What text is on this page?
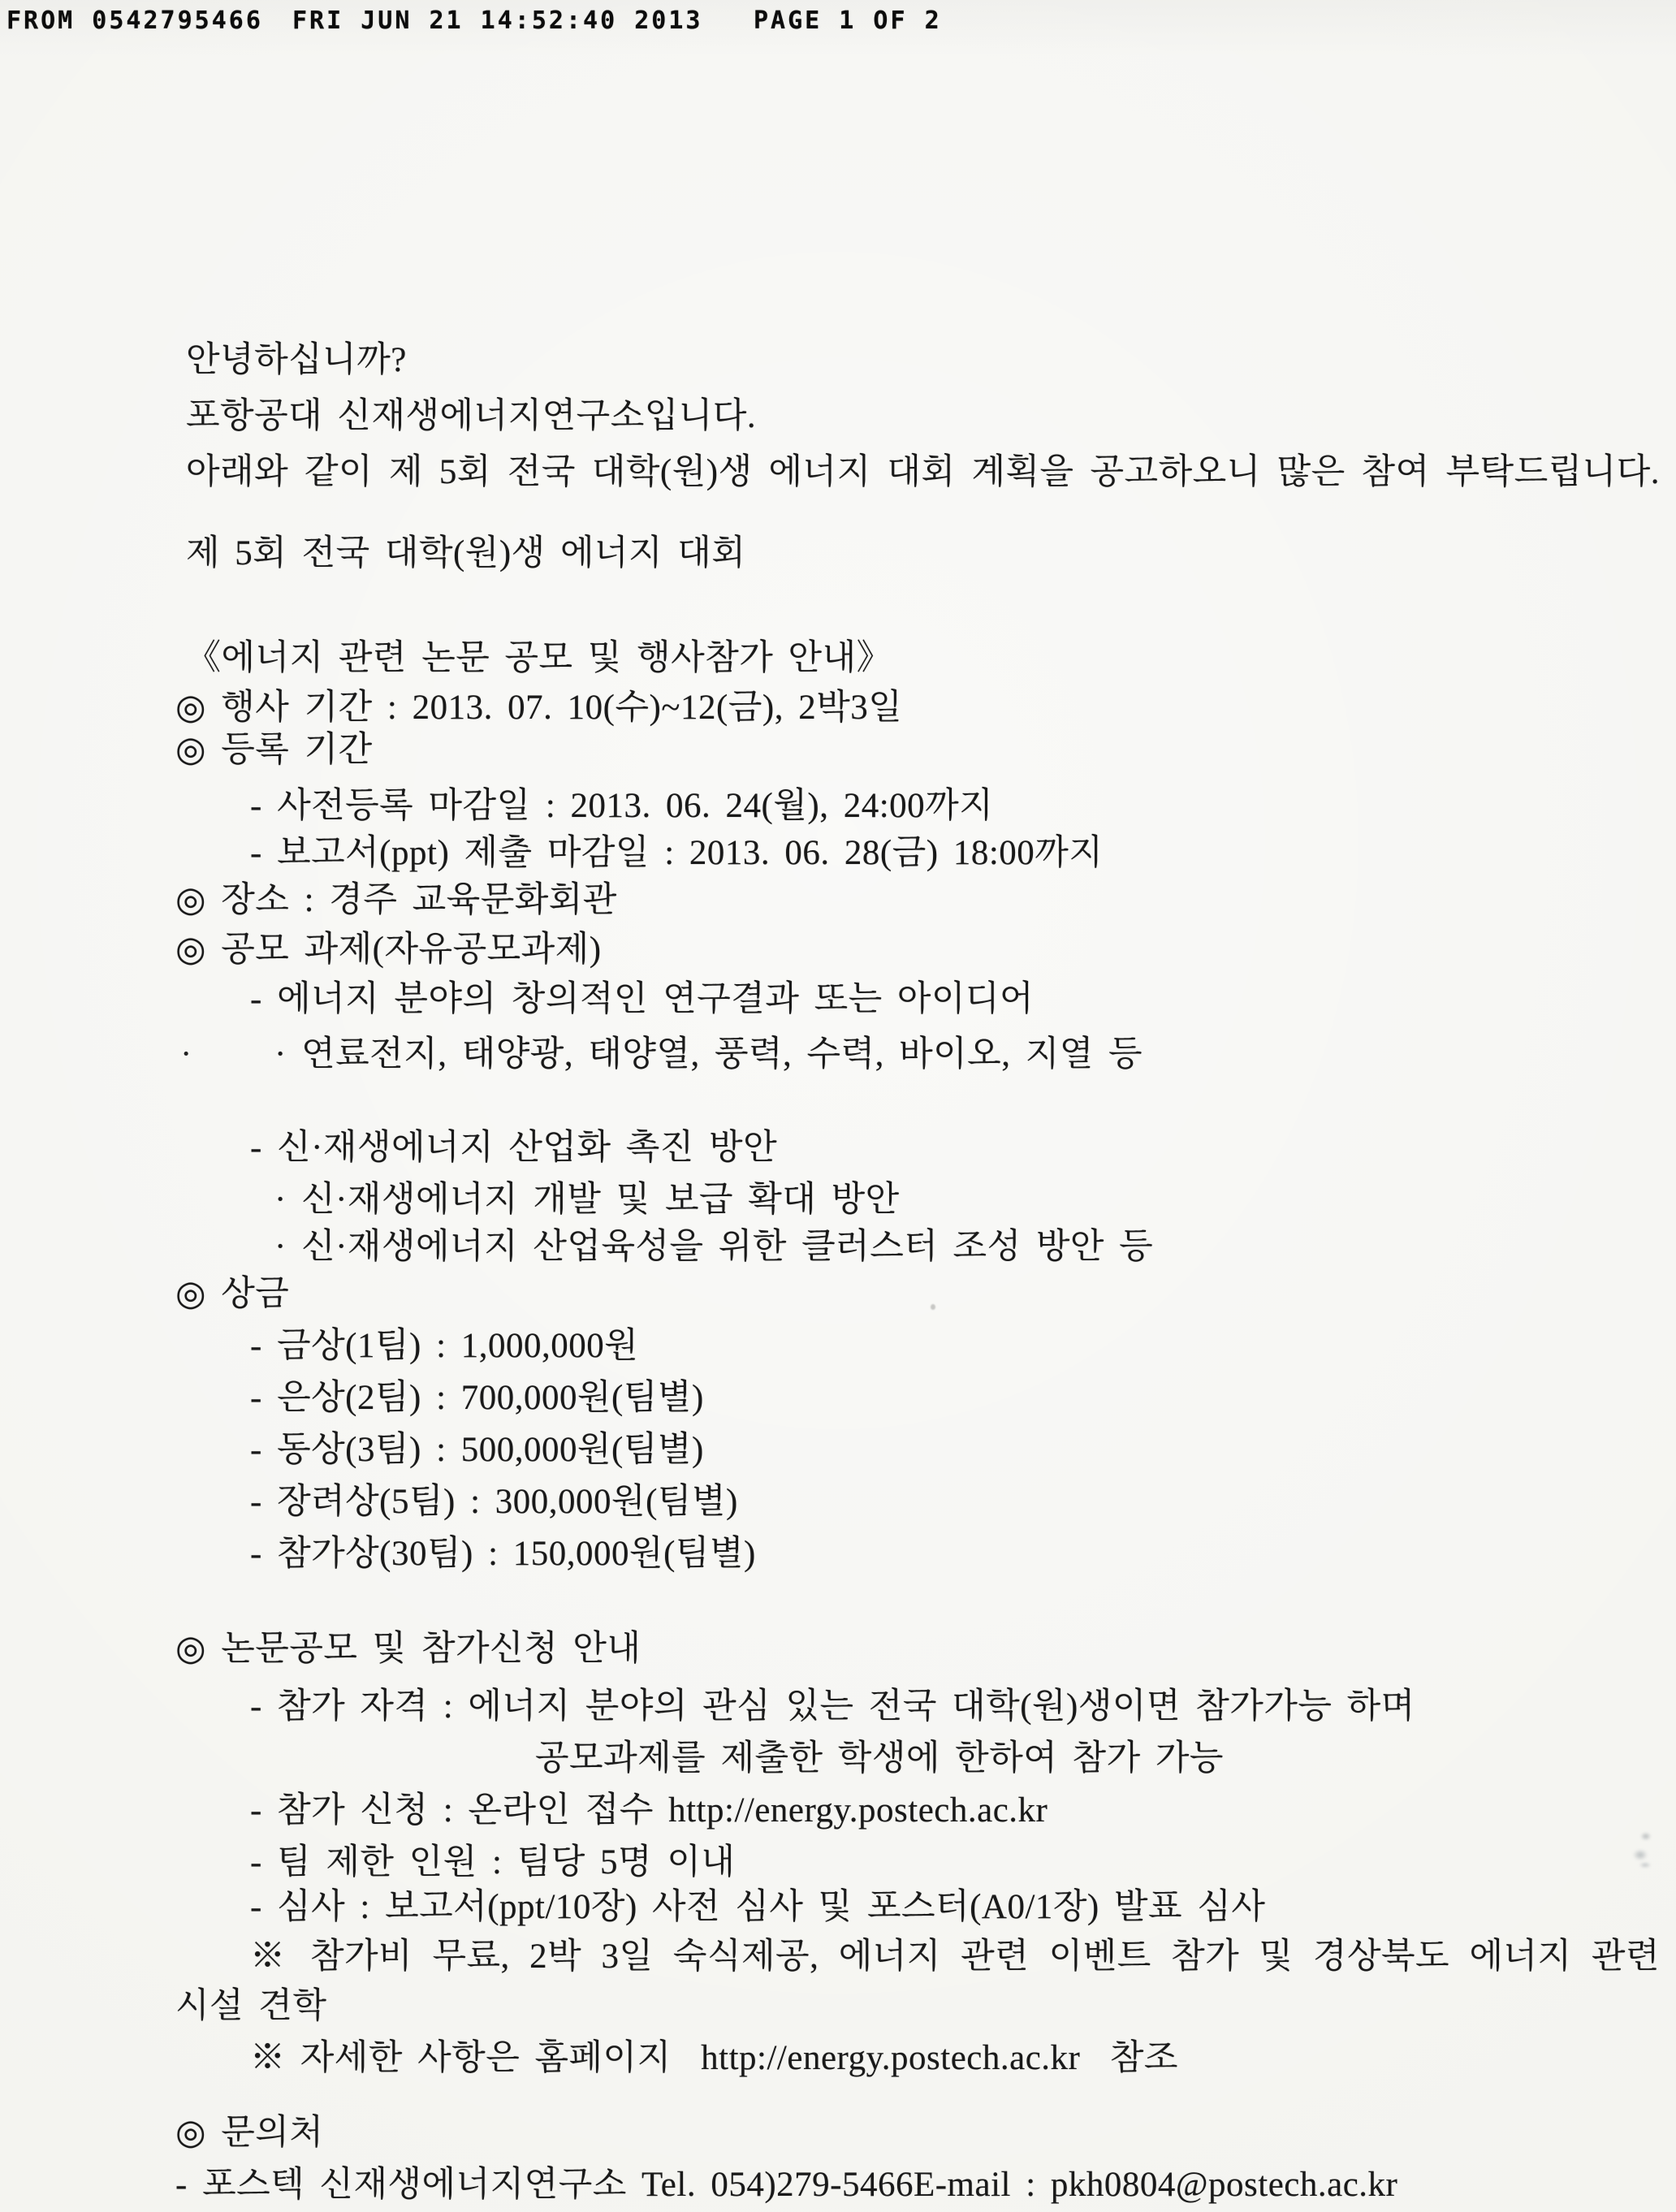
FROM 0542795466 FRI JUN 21 14:52:40 2013 PAGE 1 OF 2
안녕하십니까?
포항공대 신재생에너지연구소입니다.
아래와 같이 제 5회 전국 대학(원)생 에너지 대회 계획을 공고하오니 많은 참여 부탁드립니다.
제 5회 전국 대학(원)생 에너지 대회
《에너지 관련 논문 공모 및 행사참가 안내》
◎ 행사 기간 : 2013. 07. 10(수)~12(금), 2박3일
◎ 등록 기간
- 사전등록 마감일 : 2013. 06. 24(월), 24:00까지
- 보고서(ppt) 제출 마감일 : 2013. 06. 28(금) 18:00까지
◎ 장소 : 경주 교육문화회관
◎ 공모 과제(자유공모과제)
- 에너지 분야의 창의적인 연구결과 또는 아이디어
· 연료전지, 태양광, 태양열, 풍력, 수력, 바이오, 지열 등
- 신·재생에너지 산업화 촉진 방안
· 신·재생에너지 개발 및 보급 확대 방안
· 신·재생에너지 산업육성을 위한 클러스터 조성 방안 등
◎ 상금
- 금상(1팀) : 1,000,000원
- 은상(2팀) : 700,000원(팀별)
- 동상(3팀) : 500,000원(팀별)
- 장려상(5팀) : 300,000원(팀별)
- 참가상(30팀) : 150,000원(팀별)
◎ 논문공모 및 참가신청 안내
- 참가 자격 : 에너지 분야의 관심 있는 전국 대학(원)생이면 참가가능 하며
공모과제를 제출한 학생에 한하여 참가 가능
- 참가 신청 : 온라인 접수 http://energy.postech.ac.kr
- 팀 제한 인원 : 팀당 5명 이내
- 심사 : 보고서(ppt/10장) 사전 심사 및 포스터(A0/1장) 발표 심사
※ 참가비 무료, 2박 3일 숙식제공, 에너지 관련 이벤트 참가 및 경상북도 에너지 관련
시설 견학
※ 자세한 사항은 홈페이지  http://energy.postech.ac.kr  참조
◎ 문의처
- 포스텍 신재생에너지연구소 Tel. 054)279-5466E-mail : pkh0804@postech.ac.kr
·
